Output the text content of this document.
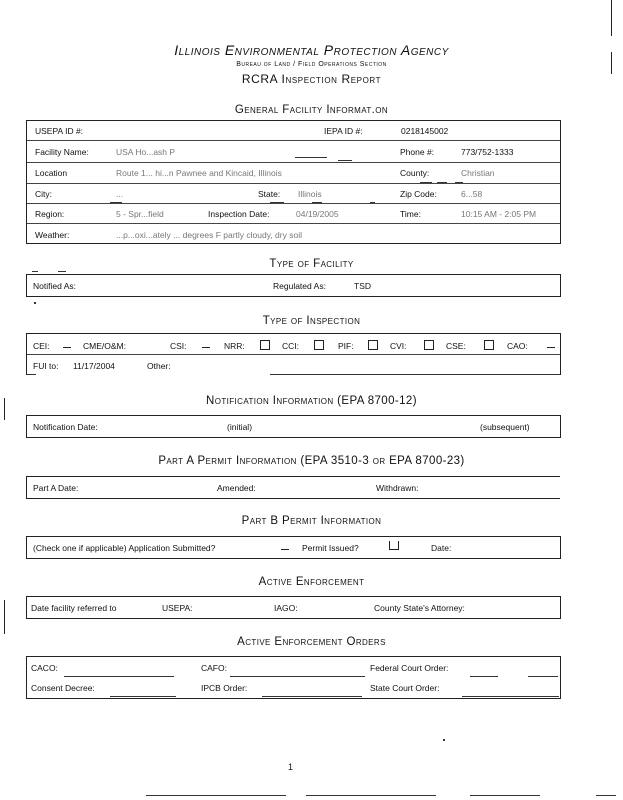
Illinois Environmental Protection Agency
Bureau of Land / Field Operations Section
RCRA Inspection Report
General Facility Informat.on
USEPA ID #:	IEPA ID #:	0218145002
Facility Name:	USA Ho...ash P	Phone #:	773/752-1333
Location	Route 1... hi...n Pawnee and Kincaid, Illinois	County:	Christian
City:	...	State: Illinois	Zip Code:	6...58
Region:	5 - Spr...field	Inspection Date:	04/19/2005	Time:	10:15 AM - 2:05 PM
Weather:	...p...oxi...ately ... degrees F partly cloudy, dry soil
Type of Facility
Notified As:	Regulated As:	TSD
Type of Inspection
CEI:	CME/O&M:	CSI:	NRR:	CCI:	PIF:	CVI:	CSE:	CAO:
FUI to: 11/17/2004	Other:
Notification Information (EPA 8700-12)
Notification Date:	(initial)	(subsequent)
Part A Permit Information (EPA 3510-3 or EPA 8700-23)
Part A Date:	Amended:	Withdrawn:
Part B Permit Information
(Check one if applicable) Application Submitted?	Permit Issued?	Date:
Active Enforcement
Date facility referred to	USEPA:	IAGO:	County State's Attorney:
Active Enforcement Orders
CACO:	CAFO:	Federal Court Order:
Consent Decree:	IPCB Order:	State Court Order:
1
